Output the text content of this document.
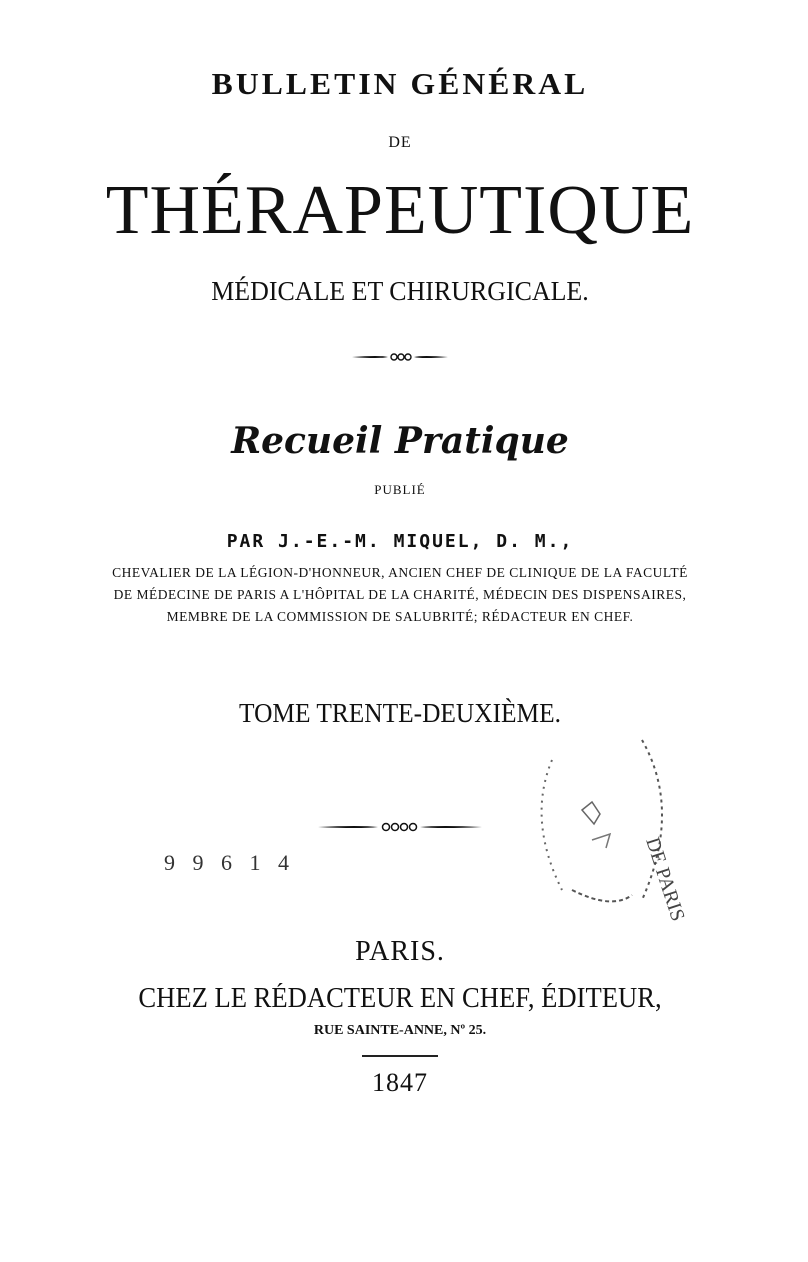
BULLETIN GÉNÉRAL
DE
THÉRAPEUTIQUE
MÉDICALE ET CHIRURGICALE.
Recueil Pratique
PUBLIÉ
PAR J.-E.-M. MIQUEL, D. M.,
CHEVALIER DE LA LÉGION-D'HONNEUR, ANCIEN CHEF DE CLINIQUE DE LA FACULTÉ
DE MÉDECINE DE PARIS A L'HÔPITAL DE LA CHARITÉ, MÉDECIN DES DISPENSAIRES,
MEMBRE DE LA COMMISSION DE SALUBRITÉ; RÉDACTEUR EN CHEF.
TOME TRENTE-DEUXIÈME.
9 9 6 1 4	DE PARIS
PARIS.
CHEZ LE RÉDACTEUR EN CHEF, ÉDITEUR,
RUE SAINTE-ANNE, Nº 25.
1847
